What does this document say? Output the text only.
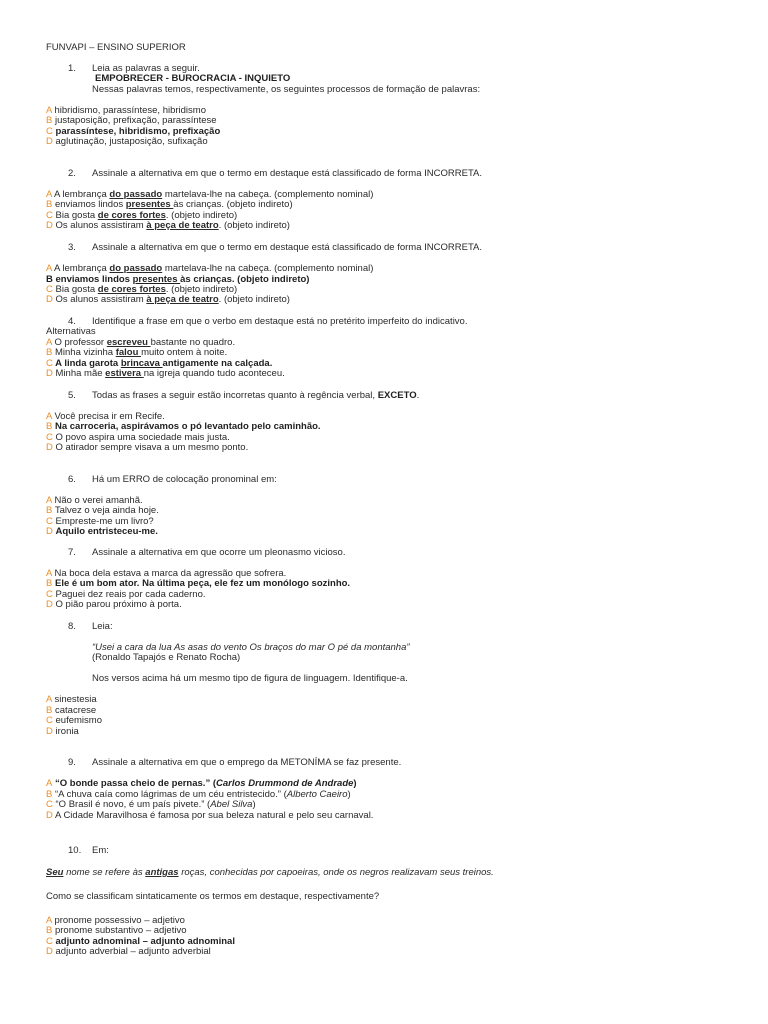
FUNVAPI – ENSINO SUPERIOR
1. Leia as palavras a seguir.
EMPOBRECER - BUROCRACIA - INQUIETO
Nessas palavras temos, respectivamente, os seguintes processos de formação de palavras:
A hibridismo, parassíntese, hibridismo
B justaposição, prefixação, parassíntese
C parassíntese, hibridismo, prefixação
D aglutinação, justaposição, sufixação
2. Assinale a alternativa em que o termo em destaque está classificado de forma INCORRETA.
A A lembrança do passado martelava-lhe na cabeça. (complemento nominal)
B enviamos lindos presentes às crianças. (objeto indireto)
C Bia gosta de cores fortes. (objeto indireto)
D Os alunos assistiram à peça de teatro. (objeto indireto)
3. Assinale a alternativa em que o termo em destaque está classificado de forma INCORRETA.
A A lembrança do passado martelava-lhe na cabeça. (complemento nominal)
B enviamos lindos presentes às crianças. (objeto indireto)
C Bia gosta de cores fortes. (objeto indireto)
D Os alunos assistiram à peça de teatro. (objeto indireto)
4. Identifique a frase em que o verbo em destaque está no pretérito imperfeito do indicativo.
Alternativas
A O professor escreveu bastante no quadro.
B Minha vizinha falou muito ontem à noite.
C A linda garota brincava antigamente na calçada.
D Minha mãe estivera na igreja quando tudo aconteceu.
5. Todas as frases a seguir estão incorretas quanto à regência verbal, EXCETO.
A Você precisa ir em Recife.
B Na carroceria, aspirávamos o pó levantado pelo caminhão.
C O povo aspira uma sociedade mais justa.
D O atirador sempre visava a um mesmo ponto.
6. Há um ERRO de colocação pronominal em:
A Não o verei amanhã.
B Talvez o veja ainda hoje.
C Empreste-me um livro?
D Aquilo entristeceu-me.
7. Assinale a alternativa em que ocorre um pleonasmo vicioso.
A Na boca dela estava a marca da agressão que sofrera.
B Ele é um bom ator. Na última peça, ele fez um monólogo sozinho.
C Paguei dez reais por cada caderno.
D O pião parou próximo à porta.
8. Leia:
“Usei a cara da lua As asas do vento Os braços do mar O pé da montanha”
(Ronaldo Tapajós e Renato Rocha)
Nos versos acima há um mesmo tipo de figura de linguagem. Identifique-a.
A sinestesia
B catacrese
C eufemismo
D ironia
9. Assinale a alternativa em que o emprego da METONÍMA se faz presente.
A “O bonde passa cheio de pernas.” (Carlos Drummond de Andrade)
B “A chuva caía como lágrimas de um céu entristecido.” (Alberto Caeiro)
C “O Brasil é novo, é um país pivete.” (Abel Silva)
D A Cidade Maravilhosa é famosa por sua beleza natural e pelo seu carnaval.
10. Em:
Seu nome se refere às antigas roças, conhecidas por capoeiras, onde os negros realizavam seus treinos.
Como se classificam sintaticamente os termos em destaque, respectivamente?
A pronome possessivo – adjetivo
B pronome substantivo – adjetivo
C adjunto adnominal – adjunto adnominal
D adjunto adverbial – adjunto adverbial
